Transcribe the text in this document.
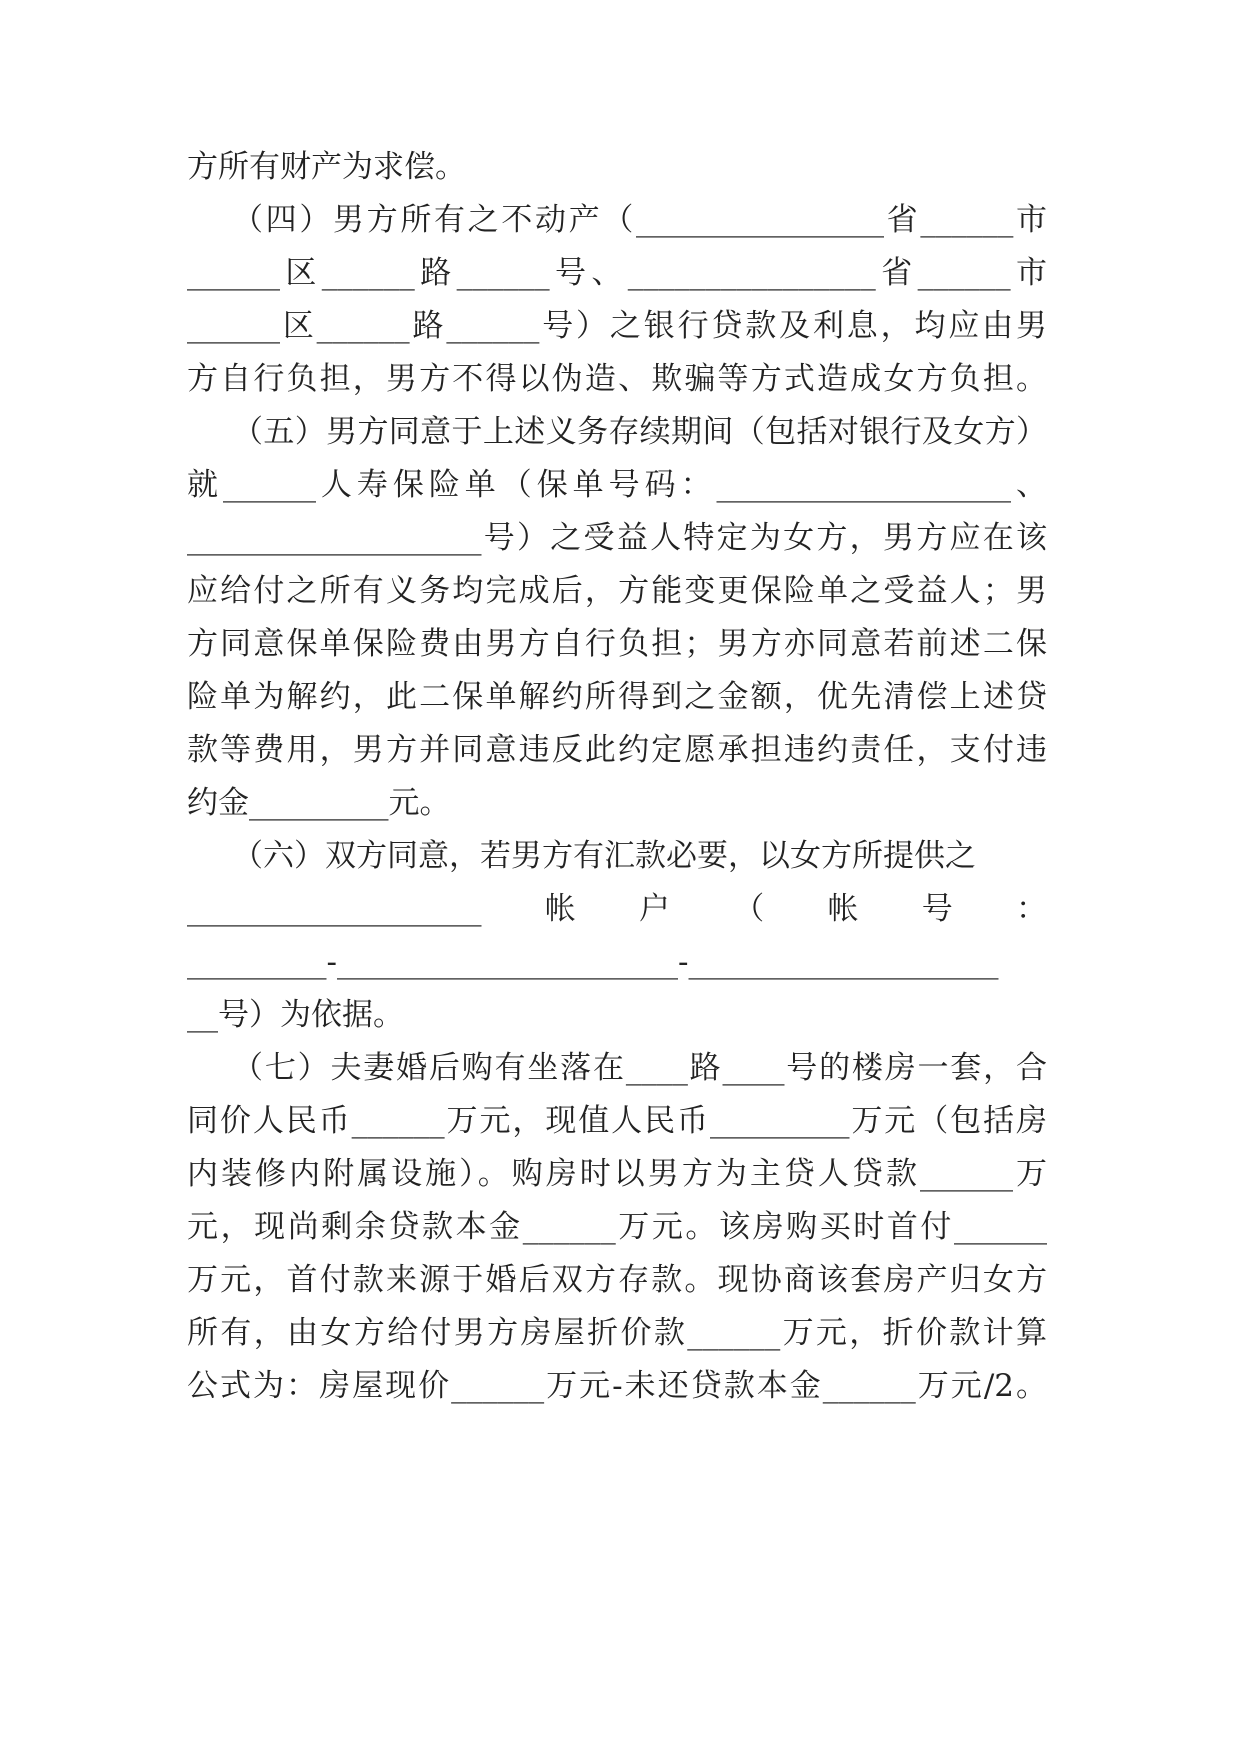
方所有财产为求偿。
（四）男方所有之不动产（________________省______市
______区______路______号、________________省______市
______区______路______号）之银行贷款及利息，均应由男
方自行负担，男方不得以伪造、欺骗等方式造成女方负担。
（五）男方同意于上述义务存续期间（包括对银行及女方）
就______人寿保险单（保单号码：___________________、
___________________号）之受益人特定为女方，男方应在该
应给付之所有义务均完成后，方能变更保险单之受益人；男
方同意保单保险费由男方自行负担；男方亦同意若前述二保
险单为解约，此二保单解约所得到之金额，优先清偿上述贷
款等费用，男方并同意违反此约定愿承担违约责任，支付违
约金_________元。
（六）双方同意，若男方有汇款必要，以女方所提供之
___________________帐户（帐号：
_________-______________________-____________________
__号）为依据。
（七）夫妻婚后购有坐落在____路____号的楼房一套，合
同价人民币______万元，现值人民币_________万元（包括房
内装修内附属设施）。购房时以男方为主贷人贷款______万
元，现尚剩余贷款本金______万元。该房购买时首付______
万元，首付款来源于婚后双方存款。现协商该套房产归女方
所有，由女方给付男方房屋折价款______万元，折价款计算
公式为：房屋现价______万元-未还贷款本金______万元/2。
